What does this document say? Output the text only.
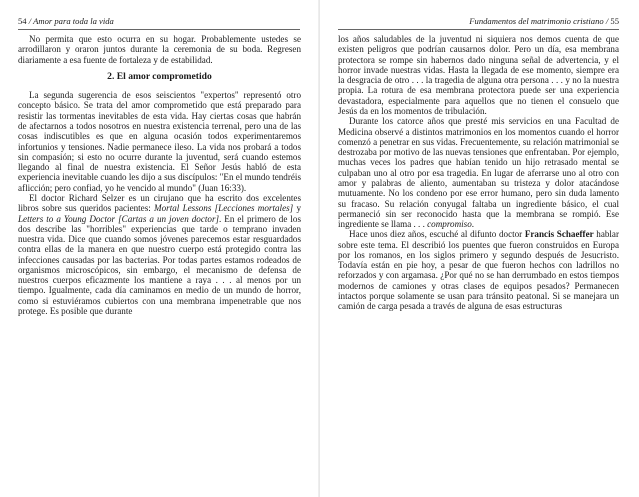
54 / Amor para toda la vida

No permita que esto ocurra en su hogar. Probablemente ustedes se arrodillaron y oraron juntos durante la ceremonia de su boda. Regresen diariamente a esa fuente de fortaleza y de estabilidad.

2. El amor comprometido

La segunda sugerencia de esos seiscientos "expertos" representó otro concepto básico. Se trata del amor comprometido que está preparado para resistir las tormentas inevitables de esta vida. Hay ciertas cosas que habrán de afectarnos a todos nosotros en nuestra existencia terrenal, pero una de las cosas indiscutibles es que en alguna ocasión todos experimentaremos infortunios y tensiones. Nadie permanece ileso. La vida nos probará a todos sin compasión; si esto no ocurre durante la juventud, será cuando estemos llegando al final de nuestra existencia. El Señor Jesús habló de esta experiencia inevitable cuando les dijo a sus discípulos: "En el mundo tendréis aflicción; pero confiad, yo he vencido al mundo" (Juan 16:33).

El doctor Richard Selzer es un cirujano que ha escrito dos excelentes libros sobre sus queridos pacientes: Mortal Lessons [Lecciones mortales] y Letters to a Young Doctor [Cartas a un joven doctor]. En el primero de los dos describe las "horribles" experiencias que tarde o temprano invaden nuestra vida. Dice que cuando somos jóvenes parecemos estar resguardados contra ellas de la manera en que nuestro cuerpo está protegido contra las infecciones causadas por las bacterias. Por todas partes estamos rodeados de organismos microscópicos, sin embargo, el mecanismo de defensa de nuestros cuerpos eficazmente los mantiene a raya . . . al menos por un tiempo. Igualmente, cada día caminamos en medio de un mundo de horror, como si estuviéramos cubiertos con una membrana impenetrable que nos protege. Es posible que durante

Fundamentos del matrimonio cristiano / 55

los años saludables de la juventud ni siquiera nos demos cuenta de que existen peligros que podrían causarnos dolor. Pero un día, esa membrana protectora se rompe sin habernos dado ninguna señal de advertencia, y el horror invade nuestras vidas. Hasta la llegada de ese momento, siempre era la desgracia de otro . . . la tragedia de alguna otra persona . . . y no la nuestra propia. La rotura de esa membrana protectora puede ser una experiencia devastadora, especialmente para aquellos que no tienen el consuelo que Jesús da en los momentos de tribulación.

Durante los catorce años que presté mis servicios en una Facultad de Medicina observé a distintos matrimonios en los momentos cuando el horror comenzó a penetrar en sus vidas. Frecuentemente, su relación matrimonial se destrozaba por motivo de las nuevas tensiones que enfrentaban. Por ejemplo, muchas veces los padres que habían tenido un hijo retrasado mental se culpaban uno al otro por esa tragedia. En lugar de aferrarse uno al otro con amor y palabras de aliento, aumentaban su tristeza y dolor atacándose mutuamente. No los condeno por ese error humano, pero sin duda lamento su fracaso. Su relación conyugal faltaba un ingrediente básico, el cual permaneció sin ser reconocido hasta que la membrana se rompió. Ese ingrediente se llama . . . compromiso.

Hace unos diez años, escuché al difunto doctor Francis Schaeffer hablar sobre este tema. El describió los puentes que fueron construidos en Europa por los romanos, en los siglos primero y segundo después de Jesucristo. Todavía están en pie hoy, a pesar de que fueron hechos con ladrillos no reforzados y con argamasa. ¿Por qué no se han derrumbado en estos tiempos modernos de camiones y otras clases de equipos pesados? Permanecen intactos porque solamente se usan para tránsito peatonal. Si se manejara un camión de carga pesada a través de alguna de esas estructuras
